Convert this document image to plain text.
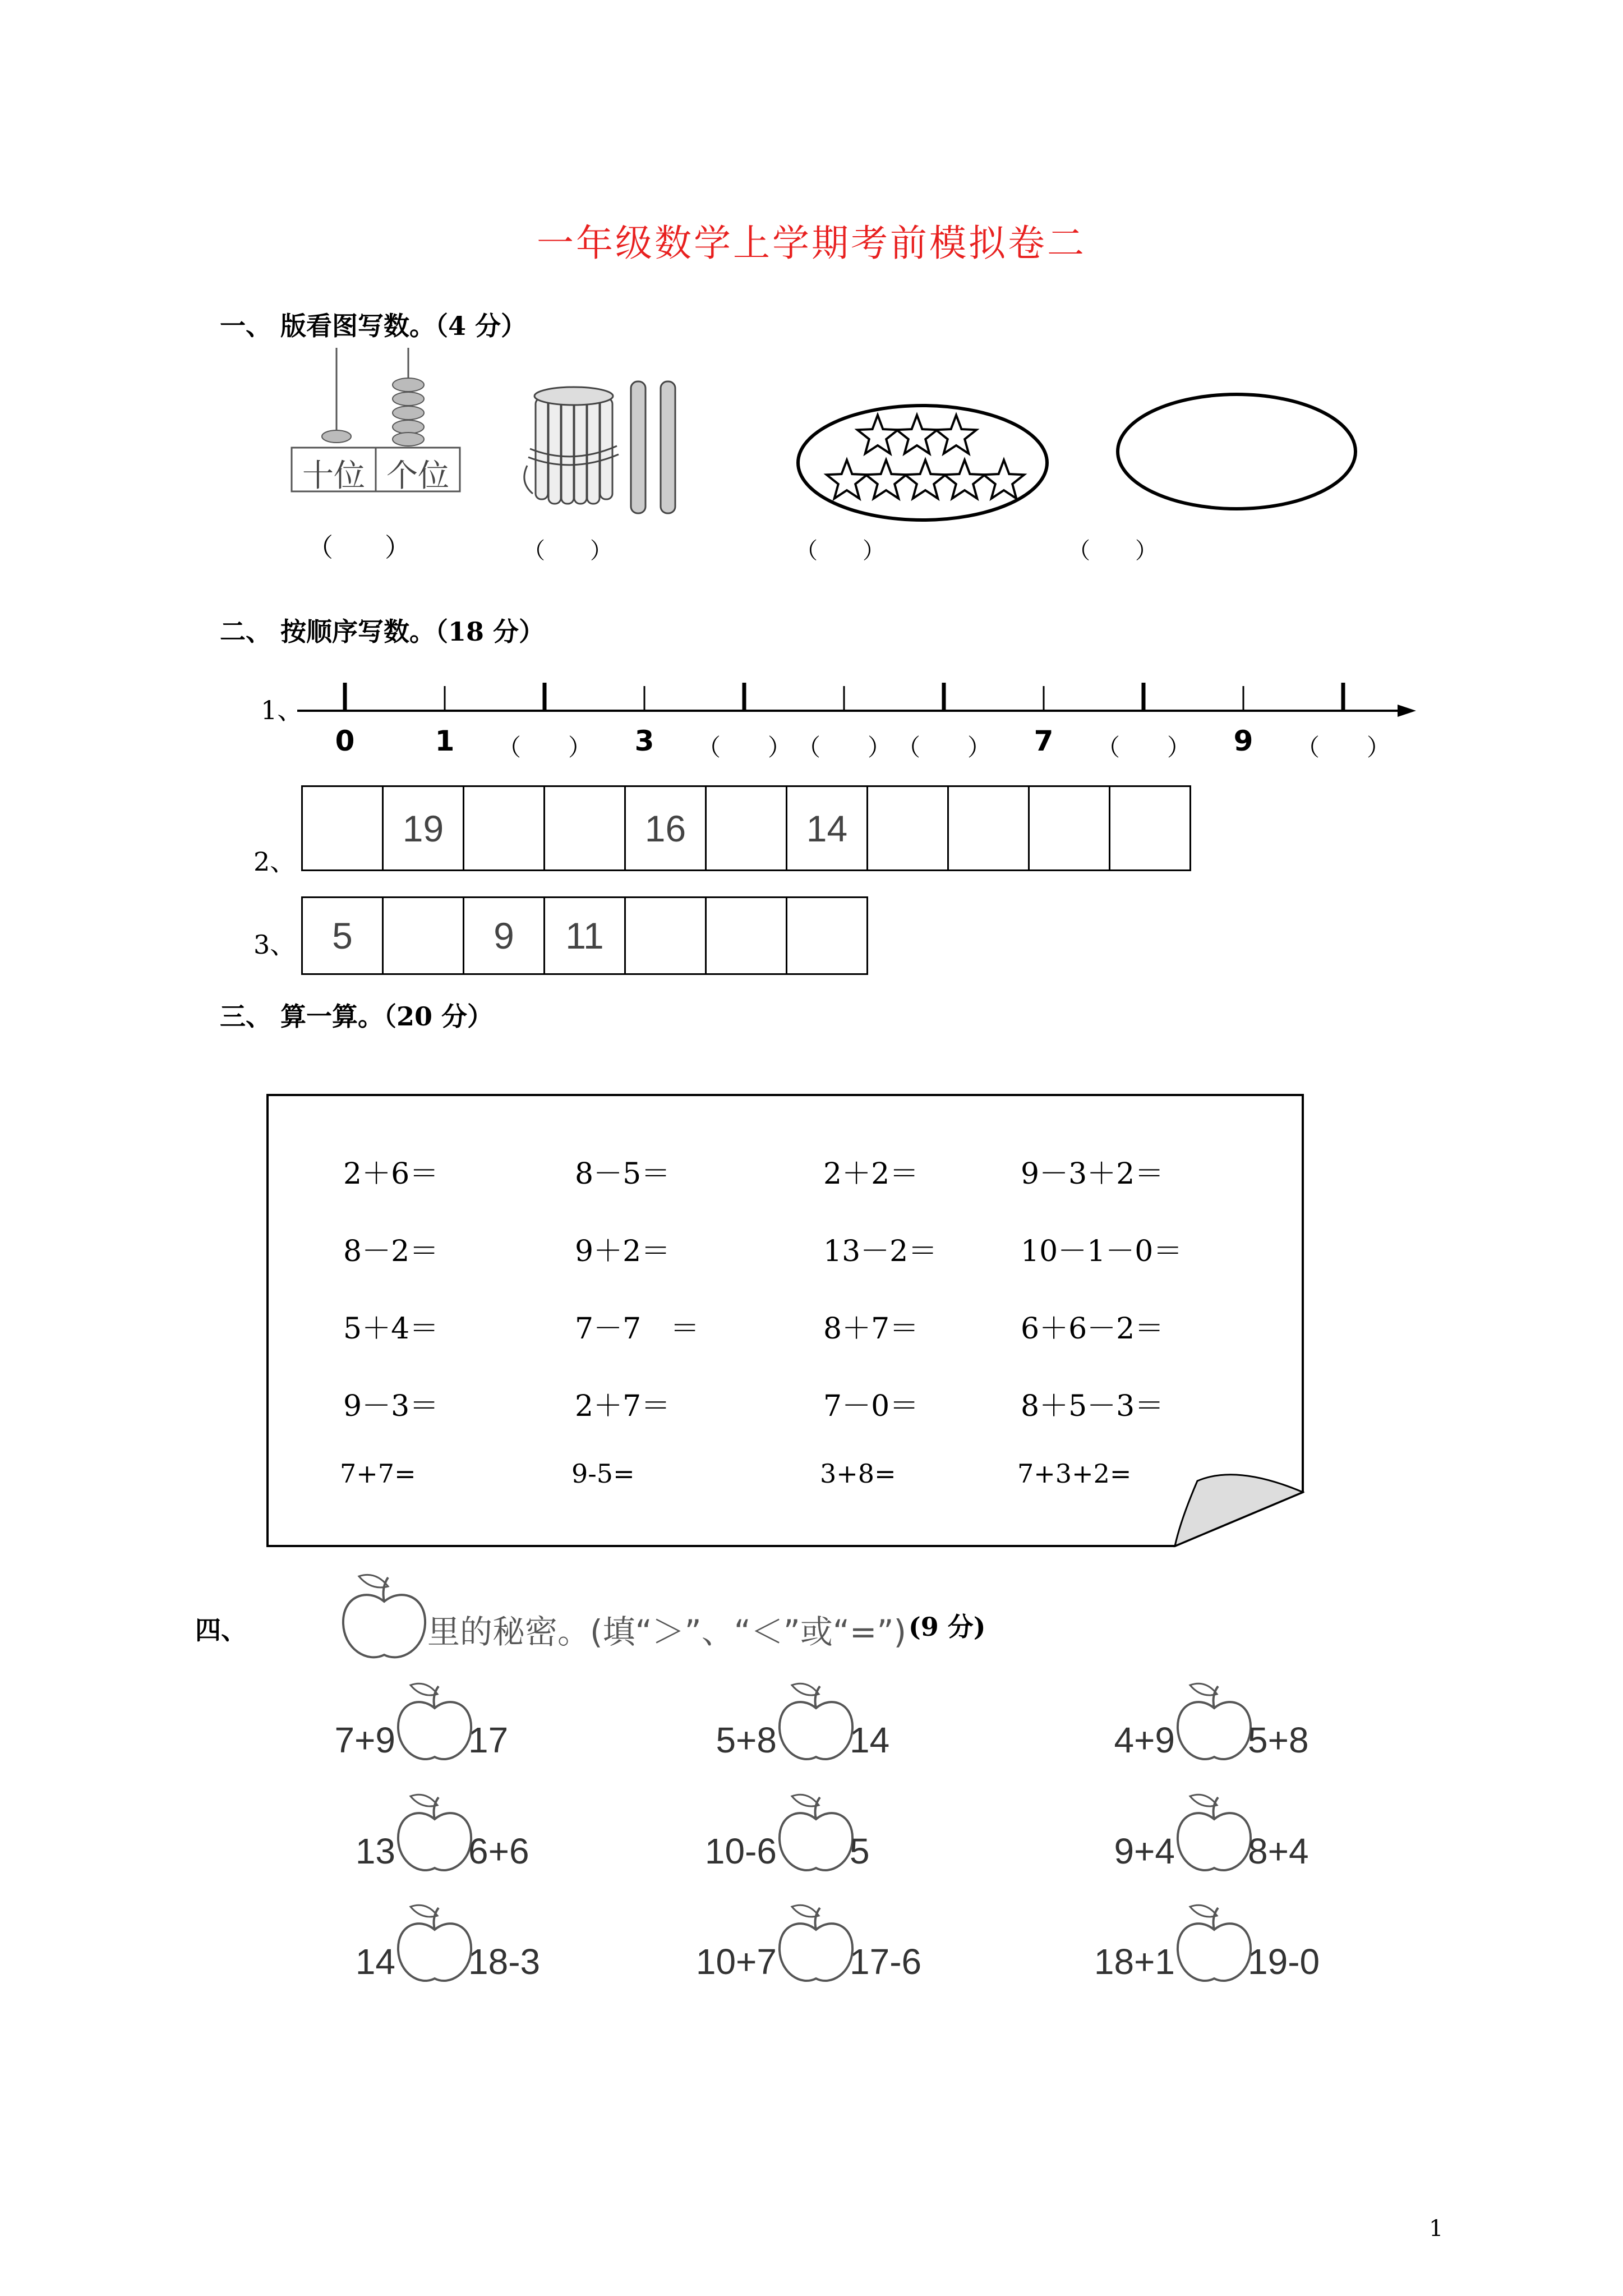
一年级数学上学期考前模拟卷二
一、 版看图写数。（4 分）
十位 个位
（　　）	（　　）	（　　）	（　　）
二、 按顺序写数。（18 分）
1、
0	1	（　　）	3	（　　） （　　） （　　）	7	（　　）	9	（　　）
2、
19	16	14
3、 5	9	11
三、 算一算。（20 分）
2＋6＝	8－5＝	2＋2＝	9－3＋2＝
8－2＝	9＋2＝	13－2＝	10－1－0＝
5＋4＝	7－7　＝	8＋7＝	6＋6－2＝
9－3＝	2＋7＝	7－0＝	8＋5－3＝
7+7=	9-5=	3+8=	7+3+2=
四、	里的秘密。(填“＞”、“＜”或“=”) (9 分)
7+9 17	5+8 14	4+9 5+8
13 6+6	10-6 5	9+4 8+4
14 18-3	10+7 17-6	18+1 19-0
1
